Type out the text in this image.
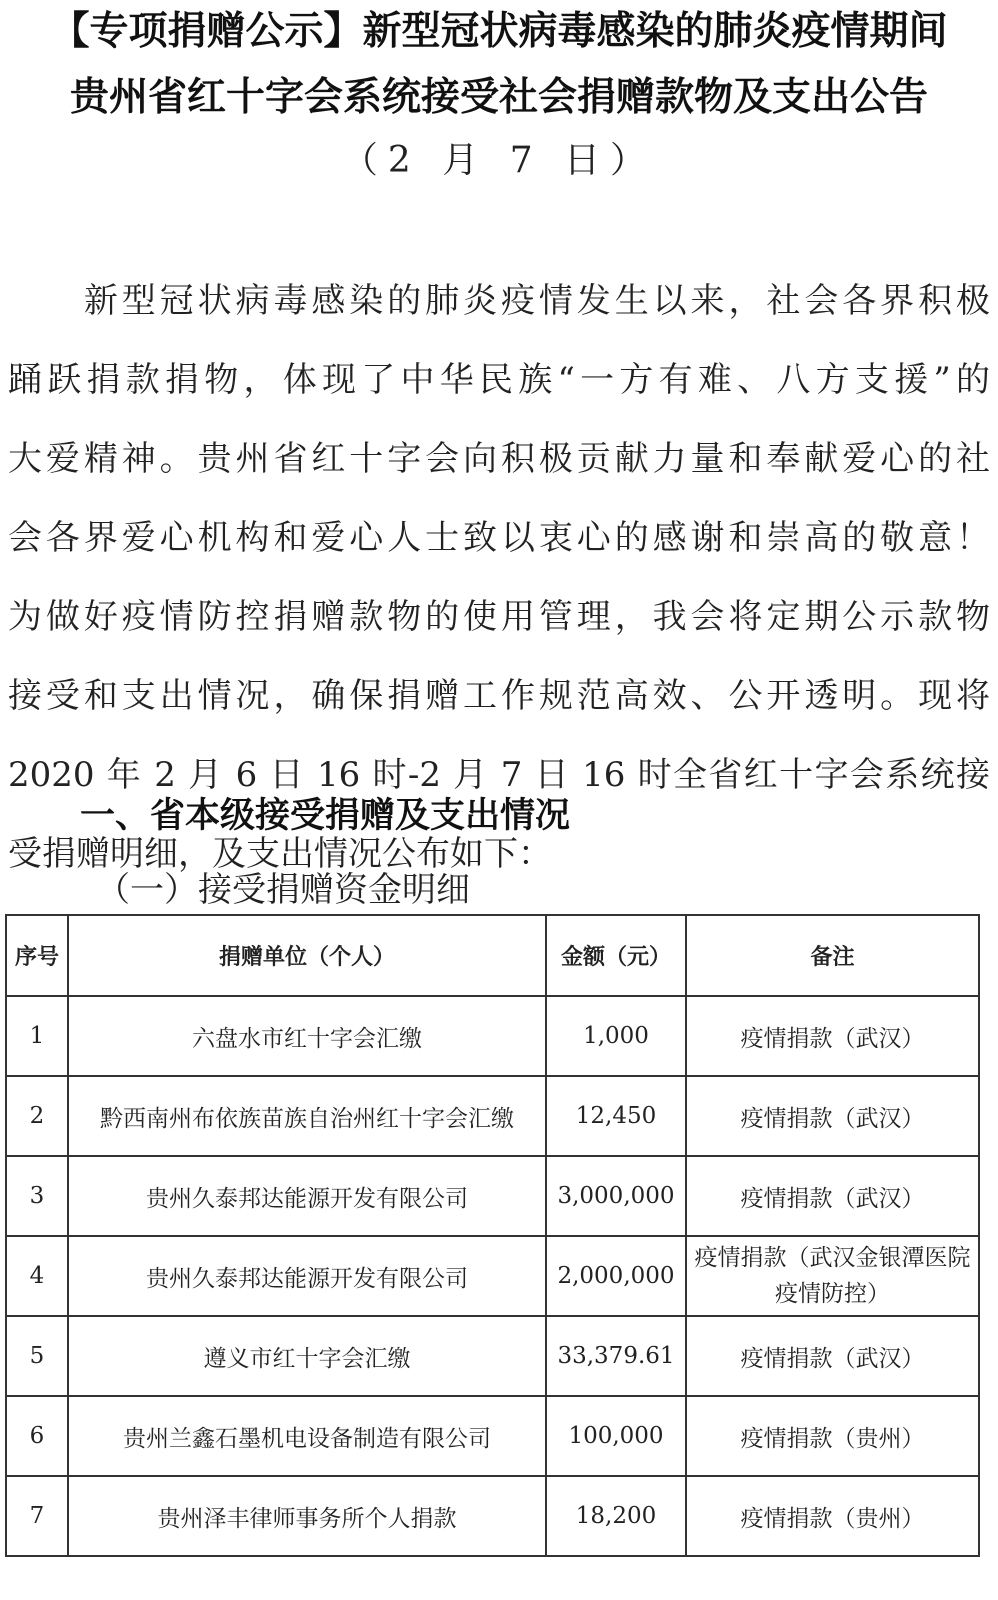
【专项捐赠公示】新型冠状病毒感染的肺炎疫情期间
贵州省红十字会系统接受社会捐赠款物及支出公告
（2 月 7 日）
　　新型冠状病毒感染的肺炎疫情发生以来，社会各界积极
踊跃捐款捐物，体现了中华民族“一方有难、八方支援”的
大爱精神。贵州省红十字会向积极贡献力量和奉献爱心的社
会各界爱心机构和爱心人士致以衷心的感谢和崇高的敬意！
为做好疫情防控捐赠款物的使用管理，我会将定期公示款物
接受和支出情况，确保捐赠工作规范高效、公开透明。现将
2020 年 2 月 6 日 16 时-2 月 7 日 16 时全省红十字会系统接
受捐赠明细，及支出情况公布如下：
一、省本级接受捐赠及支出情况
（一）接受捐赠资金明细
序号	捐赠单位（个人）	金额（元）	备注
1	六盘水市红十字会汇缴	1,000	疫情捐款（武汉）
2	黔西南州布依族苗族自治州红十字会汇缴	12,450	疫情捐款（武汉）
3	贵州久泰邦达能源开发有限公司	3,000,000	疫情捐款（武汉）
4	贵州久泰邦达能源开发有限公司	2,000,000	疫情捐款（武汉金银潭医院疫情防控）
5	遵义市红十字会汇缴	33,379.61	疫情捐款（武汉）
6	贵州兰鑫石墨机电设备制造有限公司	100,000	疫情捐款（贵州）
7	贵州泽丰律师事务所个人捐款	18,200	疫情捐款（贵州）
